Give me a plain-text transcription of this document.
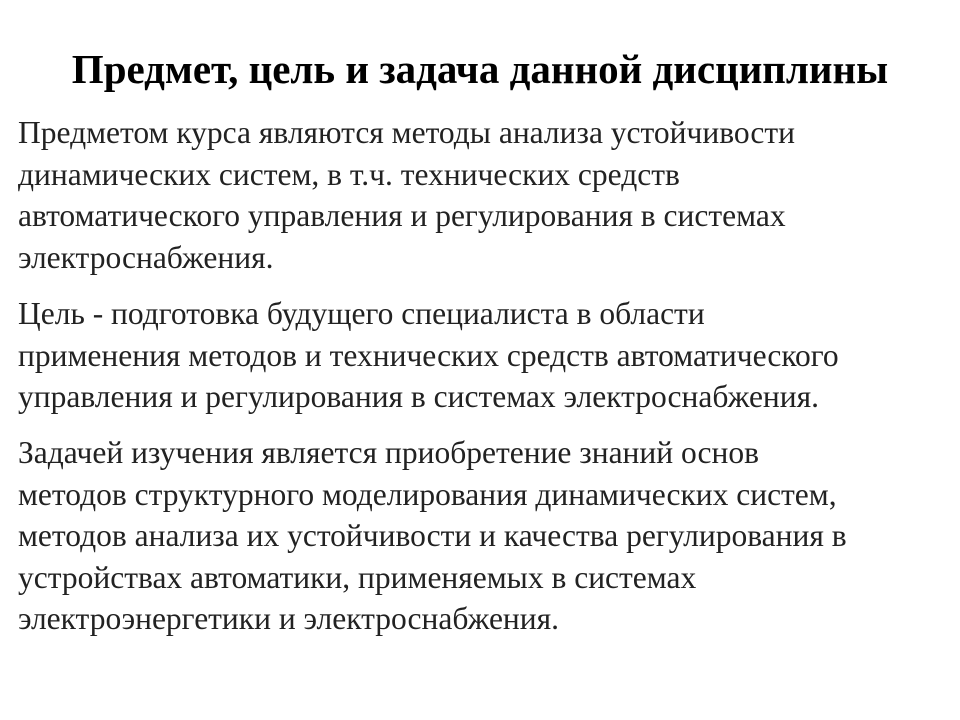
Предмет, цель и задача данной дисциплины
Предметом курса являются методы анализа устойчивости
динамических систем, в т.ч. технических средств
автоматического управления и регулирования в системах
электроснабжения.
Цель - подготовка будущего специалиста в области
применения методов и технических средств автоматического
управления и регулирования в системах электроснабжения.
Задачей изучения является приобретение знаний основ
методов структурного моделирования динамических систем,
методов анализа их устойчивости и качества регулирования в
устройствах автоматики, применяемых в системах
электроэнергетики и электроснабжения.
